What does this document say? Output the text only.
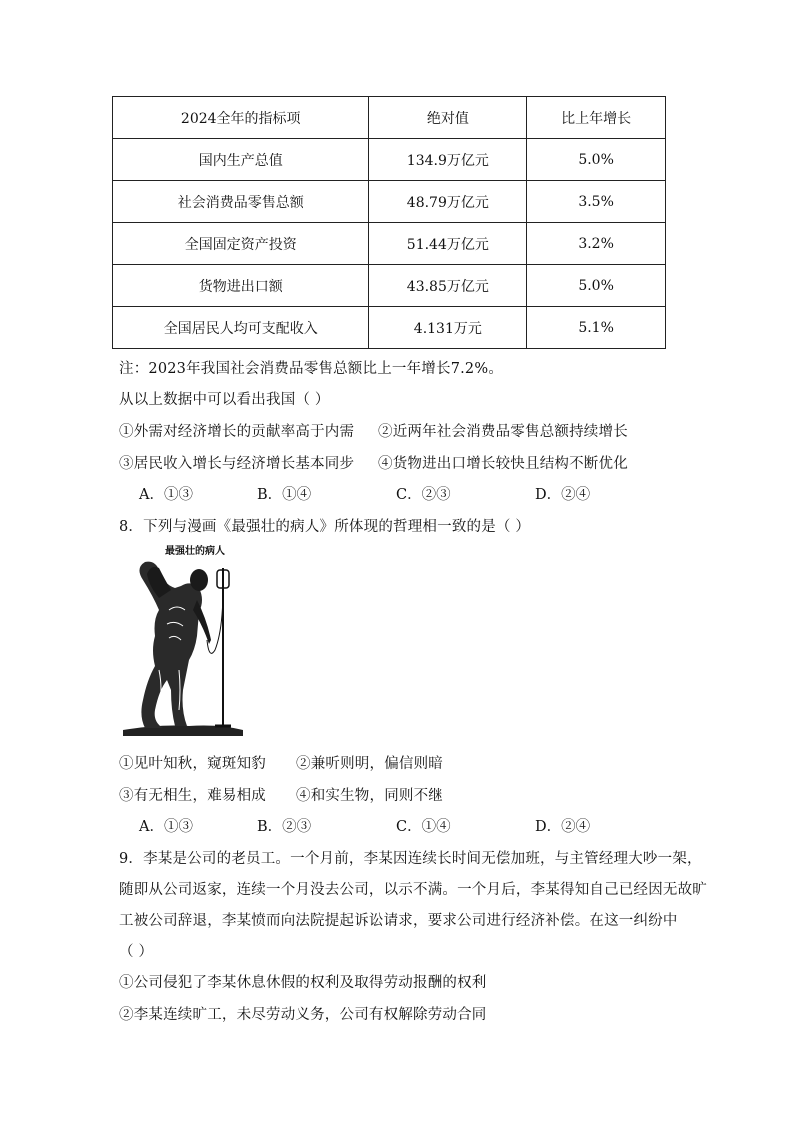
2024全年的指标项	绝对值	比上年增长
国内生产总值	134.9万亿元	5.0%
社会消费品零售总额	48.79万亿元	3.5%
全国固定资产投资	51.44万亿元	3.2%
货物进出口额	43.85万亿元	5.0%
全国居民人均可支配收入	4.131万元	5.1%
注：2023年我国社会消费品零售总额比上一年增长7.2%。
从以上数据中可以看出我国（ ）
①外需对经济增长的贡献率高于内需 ②近两年社会消费品零售总额持续增长
③居民收入增长与经济增长基本同步 ④货物进出口增长较快且结构不断优化
A．①③	B．①④	C．②③	D．②④
8．下列与漫画《最强壮的病人》所体现的哲理相一致的是（ ）
最强壮的病人
①见叶知秋，窥斑知豹 ②兼听则明，偏信则暗
③有无相生，难易相成 ④和实生物，同则不继
A．①③	B．②③	C．①④	D．②④
9．李某是公司的老员工。一个月前，李某因连续长时间无偿加班，与主管经理大吵一架，
随即从公司返家，连续一个月没去公司，以示不满。一个月后，李某得知自己已经因无故旷
工被公司辞退，李某愤而向法院提起诉讼请求，要求公司进行经济补偿。在这一纠纷中
（ ）
①公司侵犯了李某休息休假的权利及取得劳动报酬的权利
②李某连续旷工，未尽劳动义务，公司有权解除劳动合同
